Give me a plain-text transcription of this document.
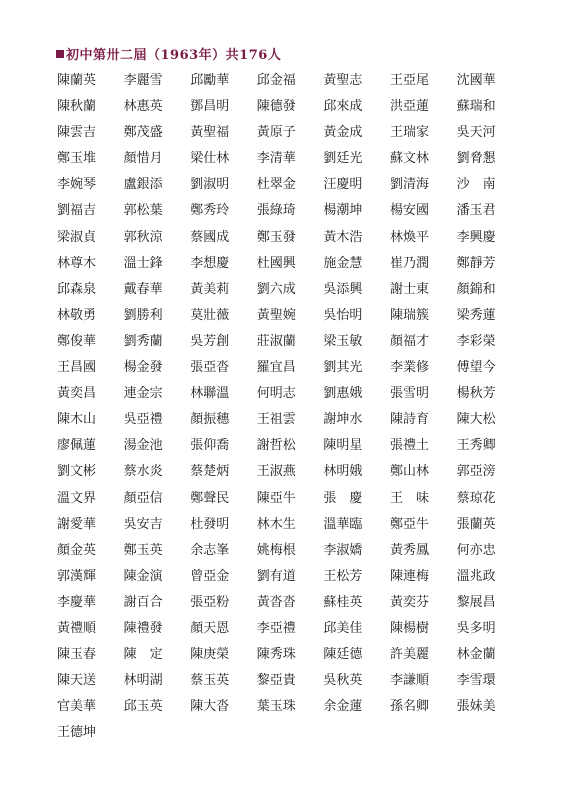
初中第卅二屆（1963年）共176人
陳蘭英	李麗雪	邱勵華	邱金福	黃聖志	王亞尾	沈國華
陳秋蘭	林惠英	鄧昌明	陳德發	邱來成	洪亞蓮	蘇瑞和
陳雲吉	鄭茂盛	黃聖福	黃原子	黃金成	王瑞家	吳天河
鄭玉堆	顏惜月	梁仕林	李清華	劉廷光	蘇文林	劉脅懇
李婉琴	盧銀添	劉淑明	杜翠金	汪慶明	劉清海	沙　南
劉福吉	郭松葉	鄭秀玲	張綠琦	楊潮坤	楊安國	潘玉君
梁淑貞	郭秋涼	蔡國成	鄭玉發	黃木浩	林煥平	李興慶
林尊木	溫士鋒	李想慶	杜國興	施金慧	崔乃潤	鄭靜芳
邱森泉	戴春華	黃美莉	劉六成	吳添興	謝士東	顏錦和
林敬勇	劉勝利	莫壯薇	黃聖婉	吳怡明	陳瑞簇	梁秀蓮
鄭俊華	劉秀蘭	吳芳創	莊淑蘭	梁玉敏	顏福才	李彩榮
王昌國	楊金發	張亞沓	羅宜昌	劉其光	李業修	傅望今
黃奕昌	連金宗	林聯溫	何明志	劉惠娥	張雪明	楊秋芳
陳木山	吳亞禮	顏振穗	王祖雲	謝坤水	陳詩育	陳大松
廖佩蓮	湯金池	張仰喬	謝哲松	陳明星	張禮土	王秀卿
劉文彬	蔡水炎	蔡楚炳	王淑燕	林明娥	鄭山林	郭亞滂
溫文界	顏亞信	鄭聲民	陳亞牛	張　慶	王　味	蔡琼花
謝愛華	吳安吉	杜發明	林木生	溫華臨	鄭亞牛	張蘭英
顏金英	鄭玉英	余志峯	姚梅根	李淑嬌	黃秀鳳	何亦忠
郭漢輝	陳金演	曾亞金	劉有道	王松芳	陳連梅	溫兆政
李慶華	謝百合	張亞粉	黃沓沓	蘇桂英	黃奕芬	黎展昌
黃禮順	陳禮發	顏天恩	李亞禮	邱美佳	陳楊樹	吳多明
陳玉春	陳　定	陳庚榮	陳秀珠	陳廷德	許美麗	林金蘭
陳天送	林明湖	蔡玉英	黎亞貴	吳秋英	李謙順	李雪環
官美華	邱玉英	陳大沓	葉玉珠	余金蓮	孫名卿	張妹美
王德坤
